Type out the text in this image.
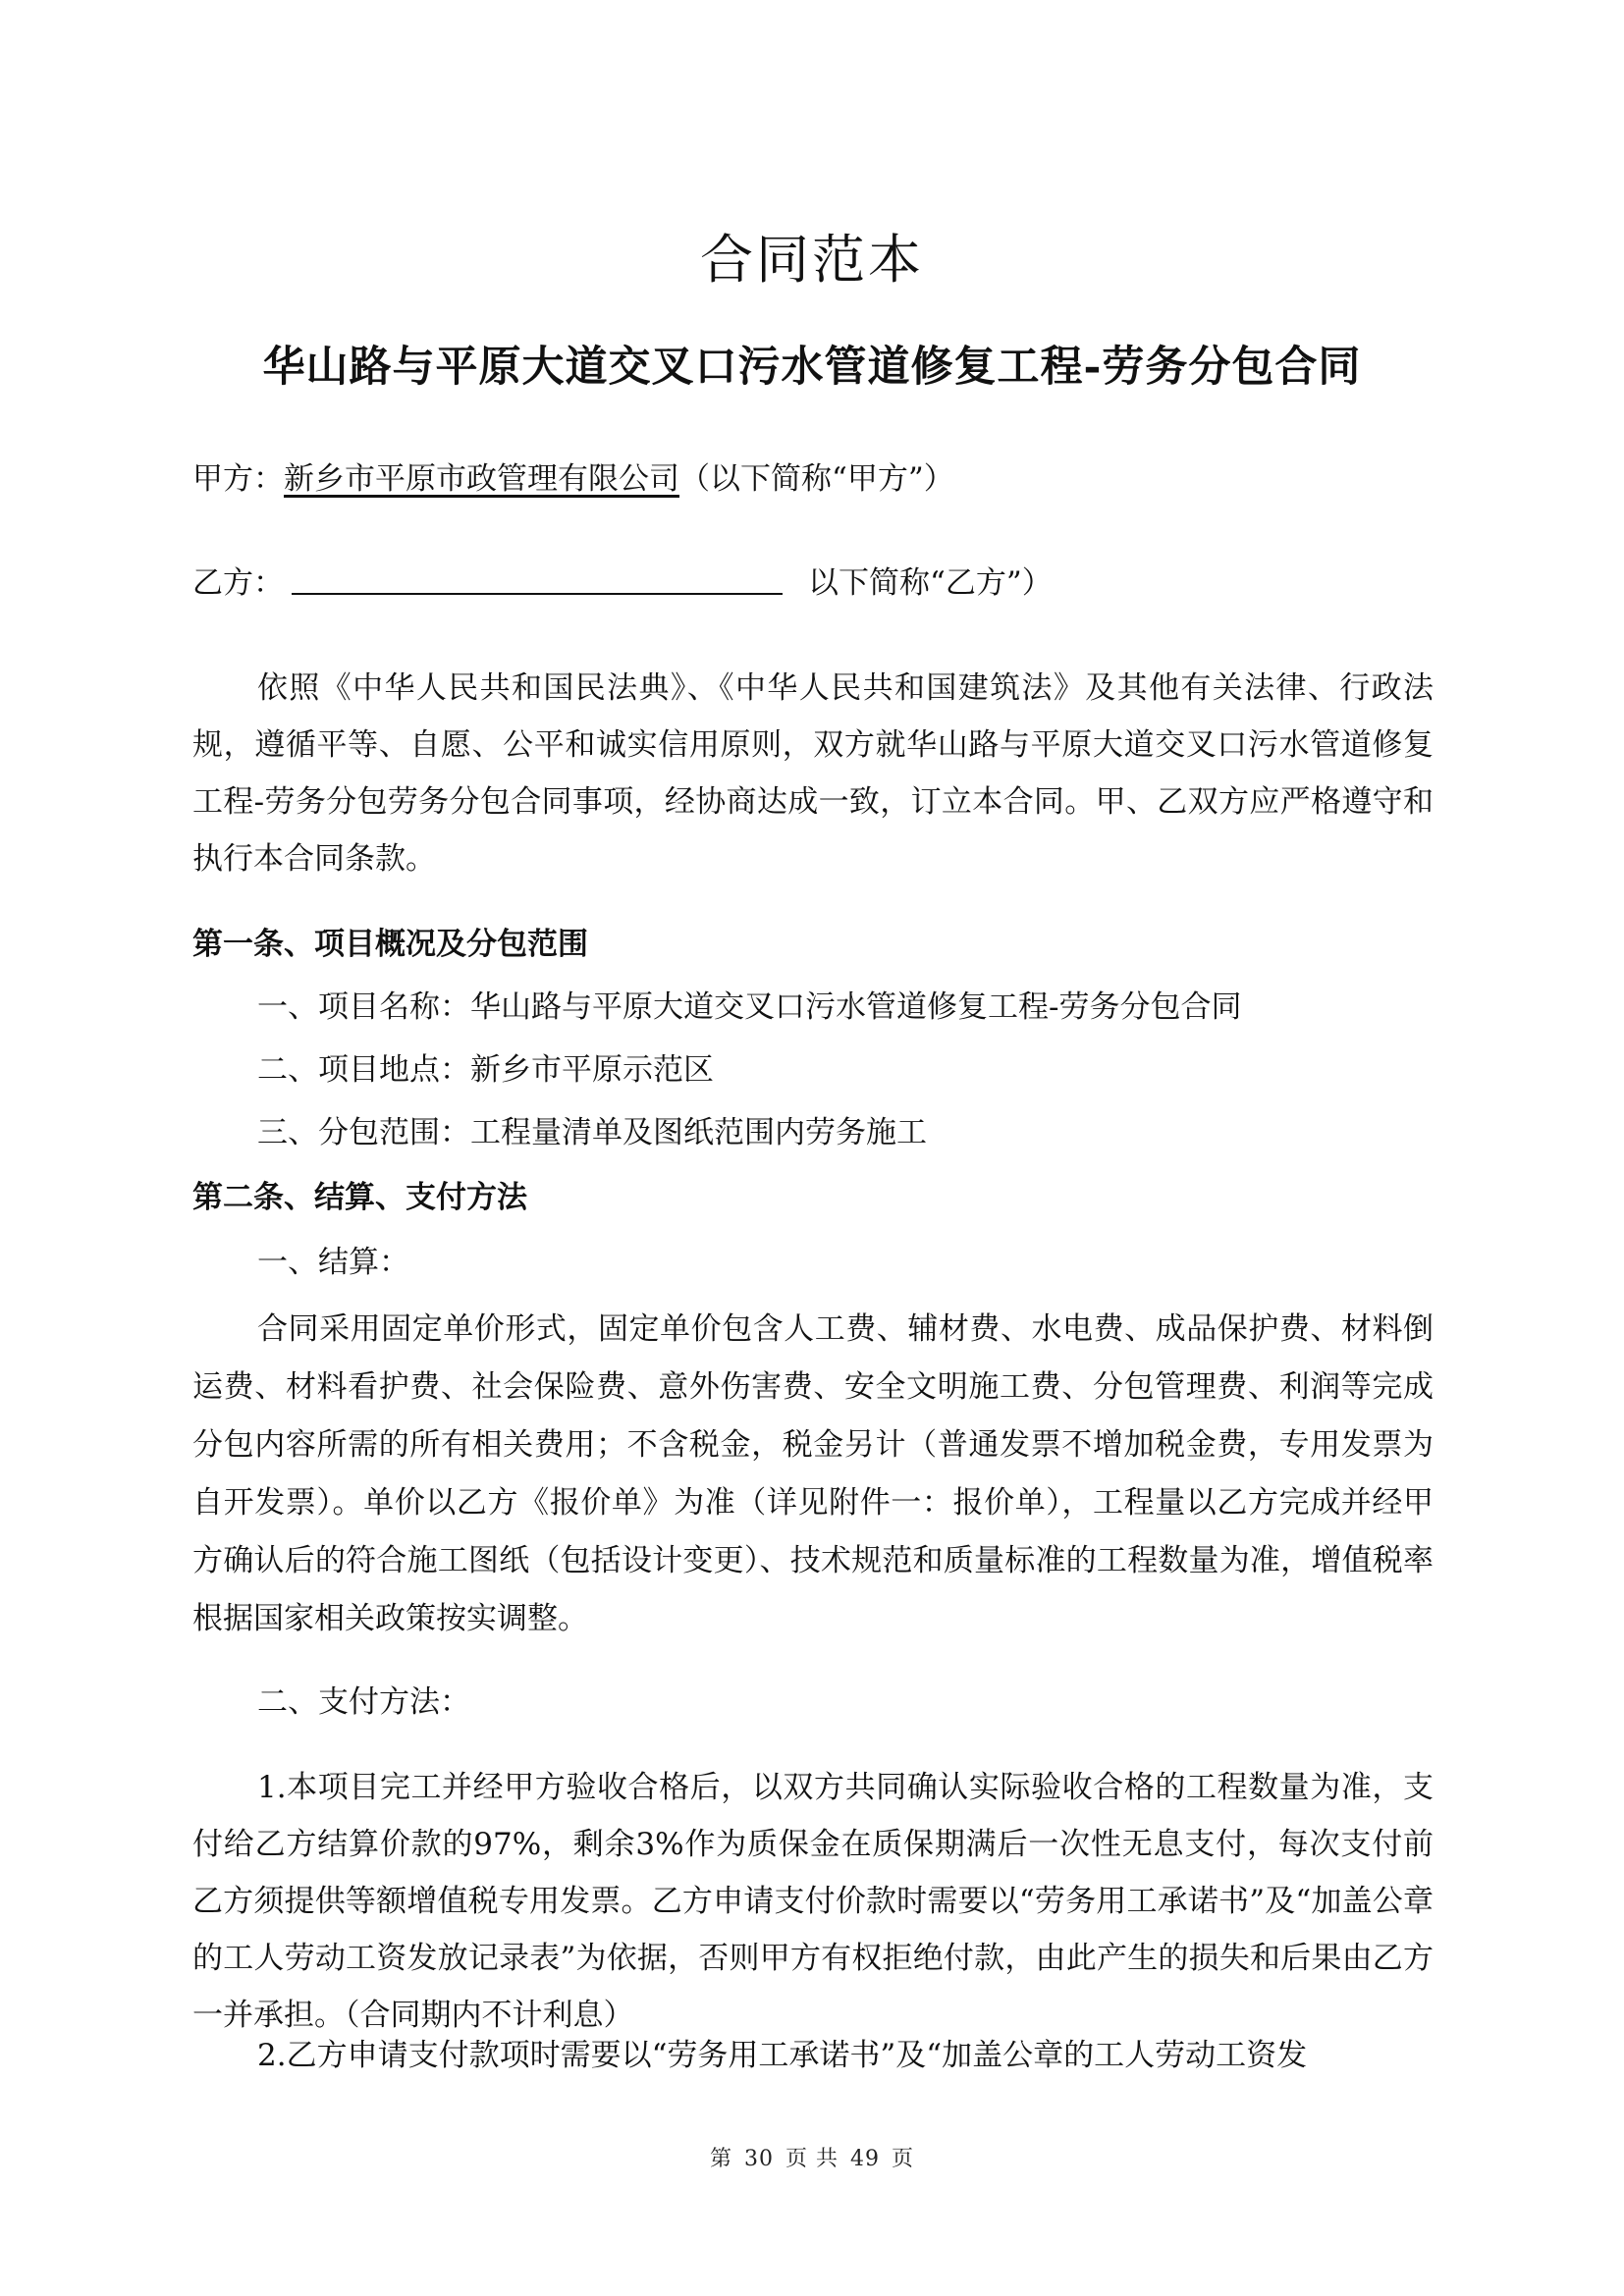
合同范本
华山路与平原大道交叉口污水管道修复工程-劳务分包合同
甲方：新乡市平原市政管理有限公司（以下简称“甲方”）
乙方：	以下简称“乙方”）

依照《中华人民共和国民法典》、《中华人民共和国建筑法》及其他有关法律、行政法规，遵循平等、自愿、公平和诚实信用原则，双方就华山路与平原大道交叉口污水管道修复工程-劳务分包劳务分包合同事项，经协商达成一致，订立本合同。甲、乙双方应严格遵守和执行本合同条款。

第一条、项目概况及分包范围
一、项目名称：华山路与平原大道交叉口污水管道修复工程-劳务分包合同
二、项目地点：新乡市平原示范区
三、分包范围：工程量清单及图纸范围内劳务施工
第二条、结算、支付方法
一、结算：

合同采用固定单价形式，固定单价包含人工费、辅材费、水电费、成品保护费、材料倒运费、材料看护费、社会保险费、意外伤害费、安全文明施工费、分包管理费、利润等完成分包内容所需的所有相关费用；不含税金，税金另计（普通发票不增加税金费，专用发票为自开发票）。单价以乙方《报价单》为准（详见附件一：报价单），工程量以乙方完成并经甲方确认后的符合施工图纸（包括设计变更）、技术规范和质量标准的工程数量为准，增值税率根据国家相关政策按实调整。

二、支付方法：

1.本项目完工并经甲方验收合格后，以双方共同确认实际验收合格的工程数量为准，支付给乙方结算价款的97%，剩余3%作为质保金在质保期满后一次性无息支付，每次支付前乙方须提供等额增值税专用发票。乙方申请支付价款时需要以“劳务用工承诺书”及“加盖公章的工人劳动工资发放记录表”为依据，否则甲方有权拒绝付款，由此产生的损失和后果由乙方一并承担。（合同期内不计利息）

2.乙方申请支付款项时需要以“劳务用工承诺书”及“加盖公章的工人劳动工资发

第 30 页 共 49 页
